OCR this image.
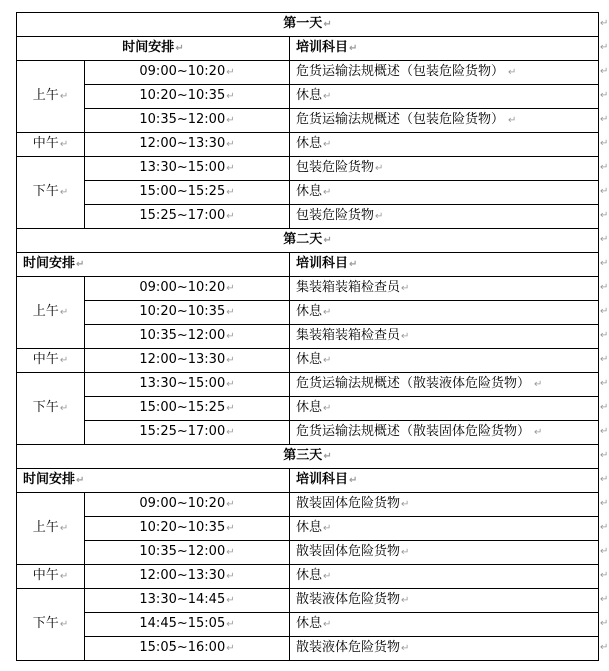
第一天↵		
时间安排↵		培训科目↵
上午↵	09:00~10:20↵	危货运输法规概述（包装危险货物） ↵
	10:20~10:35↵	休息↵
	10:35~12:00↵	危货运输法规概述（包装危险货物） ↵
中午↵	12:00~13:30↵	休息↵
下午↵	13:30~15:00↵	包装危险货物↵
	15:00~15:25↵	休息↵
	15:25~17:00↵	包装危险货物↵
第二天↵		
时间安排↵		培训科目↵
上午↵	09:00~10:20↵	集装箱装箱检查员↵
	10:20~10:35↵	休息↵
	10:35~12:00↵	集装箱装箱检查员↵
中午↵	12:00~13:30↵	休息↵
下午↵	13:30~15:00↵	危货运输法规概述（散装液体危险货物） ↵
	15:00~15:25↵	休息↵
	15:25~17:00↵	危货运输法规概述（散装固体危险货物） ↵
第三天↵		
时间安排↵		培训科目↵
上午↵	09:00~10:20↵	散装固体危险货物↵
	10:20~10:35↵	休息↵
	10:35~12:00↵	散装固体危险货物↵
中午↵	12:00~13:30↵	休息↵
下午↵	13:30~14:45↵	散装液体危险货物↵
	14:45~15:05↵	休息↵
	15:05~16:00↵	散装液体危险货物↵
↵
↵
↵
↵
↵
↵
↵
↵
↵
↵
↵
↵
↵
↵
↵
↵
↵
↵
↵
↵
↵
↵
↵
↵
↵
↵
↵
